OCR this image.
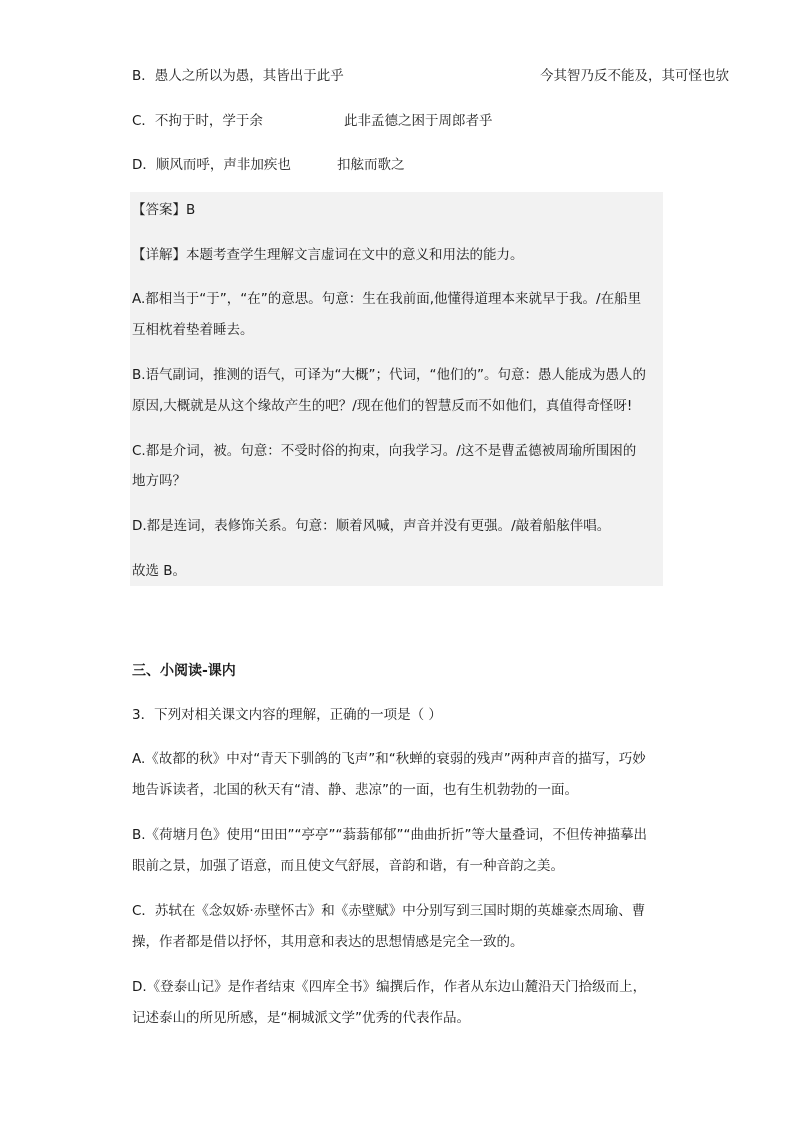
B．愚人之所以为愚，其皆出于此乎	今其智乃反不能及，其可怪也欤
C．不拘于时，学于余	此非孟德之困于周郎者乎
D．顺风而呼，声非加疾也	扣舷而歌之
【答案】B
【详解】本题考查学生理解文言虚词在文中的意义和用法的能力。
A.都相当于“于”，“在”的意思。句意：生在我前面,他懂得道理本来就早于我。/在船里
互相枕着垫着睡去。
B.语气副词，推测的语气，可译为“大概”；代词，“他们的”。句意：愚人能成为愚人的
原因,大概就是从这个缘故产生的吧？/现在他们的智慧反而不如他们，真值得奇怪呀!
C.都是介词，被。句意：不受时俗的拘束，向我学习。/这不是曹孟德被周瑜所围困的
地方吗？
D.都是连词，表修饰关系。句意：顺着风喊，声音并没有更强。/敲着船舷伴唱。
故选 B。
三、小阅读-课内
3．下列对相关课文内容的理解，正确的一项是（ ）
A.《故都的秋》中对“青天下驯鸽的飞声”和“秋蝉的衰弱的残声”两种声音的描写，巧妙
地告诉读者，北国的秋天有“清、静、悲凉”的一面，也有生机勃勃的一面。
B.《荷塘月色》使用“田田”“亭亭”“蓊蓊郁郁”“曲曲折折”等大量叠词，不但传神描摹出
眼前之景，加强了语意，而且使文气舒展，音韵和谐，有一种音韵之美。
C．苏轼在《念奴娇·赤壁怀古》和《赤壁赋》中分别写到三国时期的英雄豪杰周瑜、曹
操，作者都是借以抒怀，其用意和表达的思想情感是完全一致的。
D.《登泰山记》是作者结束《四库全书》编撰后作，作者从东边山麓沿天门拾级而上，
记述泰山的所见所感，是“桐城派文学”优秀的代表作品。
